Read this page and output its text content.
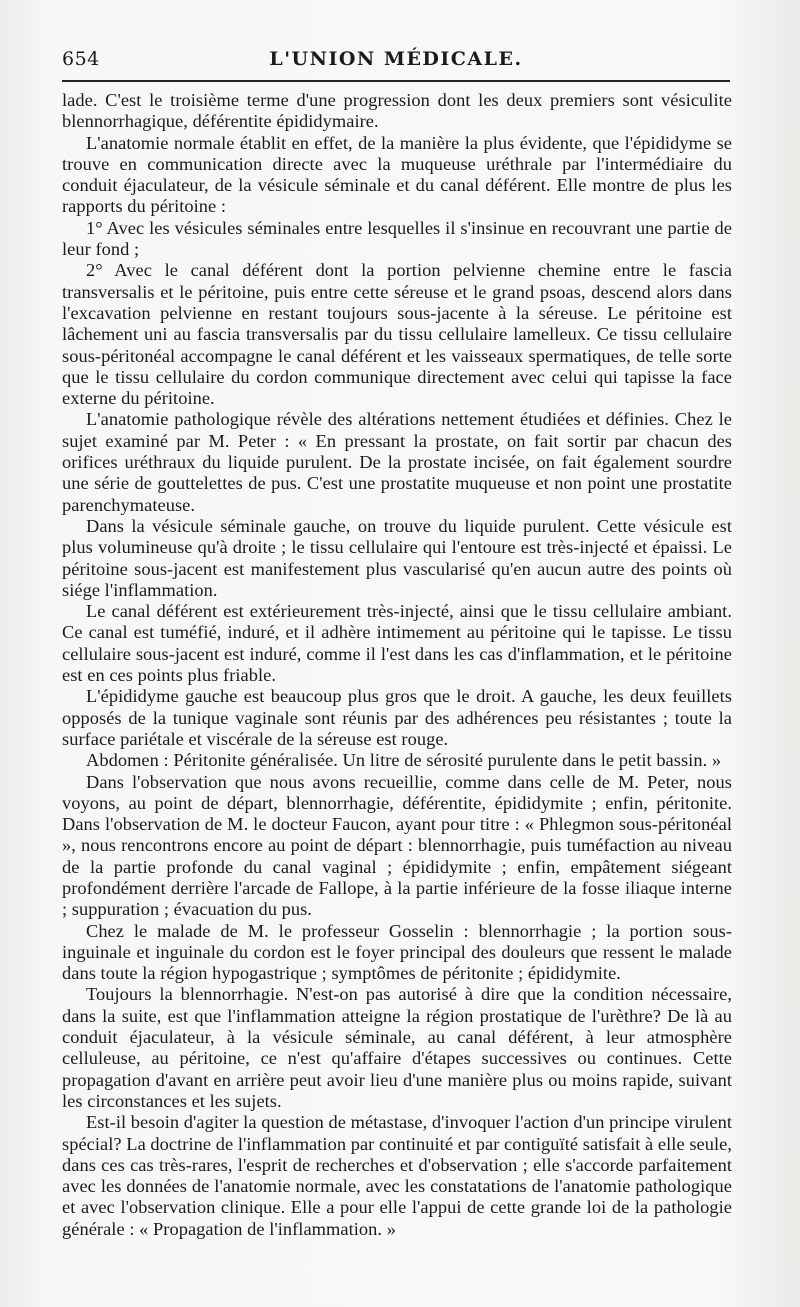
654	L'UNION MÉDICALE.

lade. C'est le troisième terme d'une progression dont les deux premiers sont vésiculite blennorrhagique, déférentite épididymaire.

L'anatomie normale établit en effet, de la manière la plus évidente, que l'épididyme se trouve en communication directe avec la muqueuse uréthrale par l'intermédiaire du conduit éjaculateur, de la vésicule séminale et du canal déférent. Elle montre de plus les rapports du péritoine :

1° Avec les vésicules séminales entre lesquelles il s'insinue en recouvrant une partie de leur fond ;

2° Avec le canal déférent dont la portion pelvienne chemine entre le fascia transversalis et le péritoine, puis entre cette séreuse et le grand psoas, descend alors dans l'excavation pelvienne en restant toujours sous-jacente à la séreuse. Le péritoine est lâchement uni au fascia transversalis par du tissu cellulaire lamelleux. Ce tissu cellulaire sous-péritonéal accompagne le canal déférent et les vaisseaux spermatiques, de telle sorte que le tissu cellulaire du cordon communique directement avec celui qui tapisse la face externe du péritoine.

L'anatomie pathologique révèle des altérations nettement étudiées et définies. Chez le sujet examiné par M. Peter : « En pressant la prostate, on fait sortir par chacun des orifices uréthraux du liquide purulent. De la prostate incisée, on fait également sourdre une série de gouttelettes de pus. C'est une prostatite muqueuse et non point une prostatite parenchymateuse.

Dans la vésicule séminale gauche, on trouve du liquide purulent. Cette vésicule est plus volumineuse qu'à droite ; le tissu cellulaire qui l'entoure est très-injecté et épaissi. Le péritoine sous-jacent est manifestement plus vascularisé qu'en aucun autre des points où siége l'inflammation.

Le canal déférent est extérieurement très-injecté, ainsi que le tissu cellulaire ambiant. Ce canal est tuméfié, induré, et il adhère intimement au péritoine qui le tapisse. Le tissu cellulaire sous-jacent est induré, comme il l'est dans les cas d'inflammation, et le péritoine est en ces points plus friable.

L'épididyme gauche est beaucoup plus gros que le droit. A gauche, les deux feuillets opposés de la tunique vaginale sont réunis par des adhérences peu résistantes ; toute la surface pariétale et viscérale de la séreuse est rouge.

Abdomen : Péritonite généralisée. Un litre de sérosité purulente dans le petit bassin. »

Dans l'observation que nous avons recueillie, comme dans celle de M. Peter, nous voyons, au point de départ, blennorrhagie, déférentite, épididymite ; enfin, péritonite. Dans l'observation de M. le docteur Faucon, ayant pour titre : « Phlegmon sous-péritonéal », nous rencontrons encore au point de départ : blennorrhagie, puis tuméfaction au niveau de la partie profonde du canal vaginal ; épididymite ; enfin, empâtement siégeant profondément derrière l'arcade de Fallope, à la partie inférieure de la fosse iliaque interne ; suppuration ; évacuation du pus.

Chez le malade de M. le professeur Gosselin : blennorrhagie ; la portion sous-inguinale et inguinale du cordon est le foyer principal des douleurs que ressent le malade dans toute la région hypogastrique ; symptômes de péritonite ; épididymite.

Toujours la blennorrhagie. N'est-on pas autorisé à dire que la condition nécessaire, dans la suite, est que l'inflammation atteigne la région prostatique de l'urèthre? De là au conduit éjaculateur, à la vésicule séminale, au canal déférent, à leur atmosphère celluleuse, au péritoine, ce n'est qu'affaire d'étapes successives ou continues. Cette propagation d'avant en arrière peut avoir lieu d'une manière plus ou moins rapide, suivant les circonstances et les sujets.

Est-il besoin d'agiter la question de métastase, d'invoquer l'action d'un principe virulent spécial? La doctrine de l'inflammation par continuité et par contiguïté satisfait à elle seule, dans ces cas très-rares, l'esprit de recherches et d'observation ; elle s'accorde parfaitement avec les données de l'anatomie normale, avec les constatations de l'anatomie pathologique et avec l'observation clinique. Elle a pour elle l'appui de cette grande loi de la pathologie générale : « Propagation de l'inflammation. »
